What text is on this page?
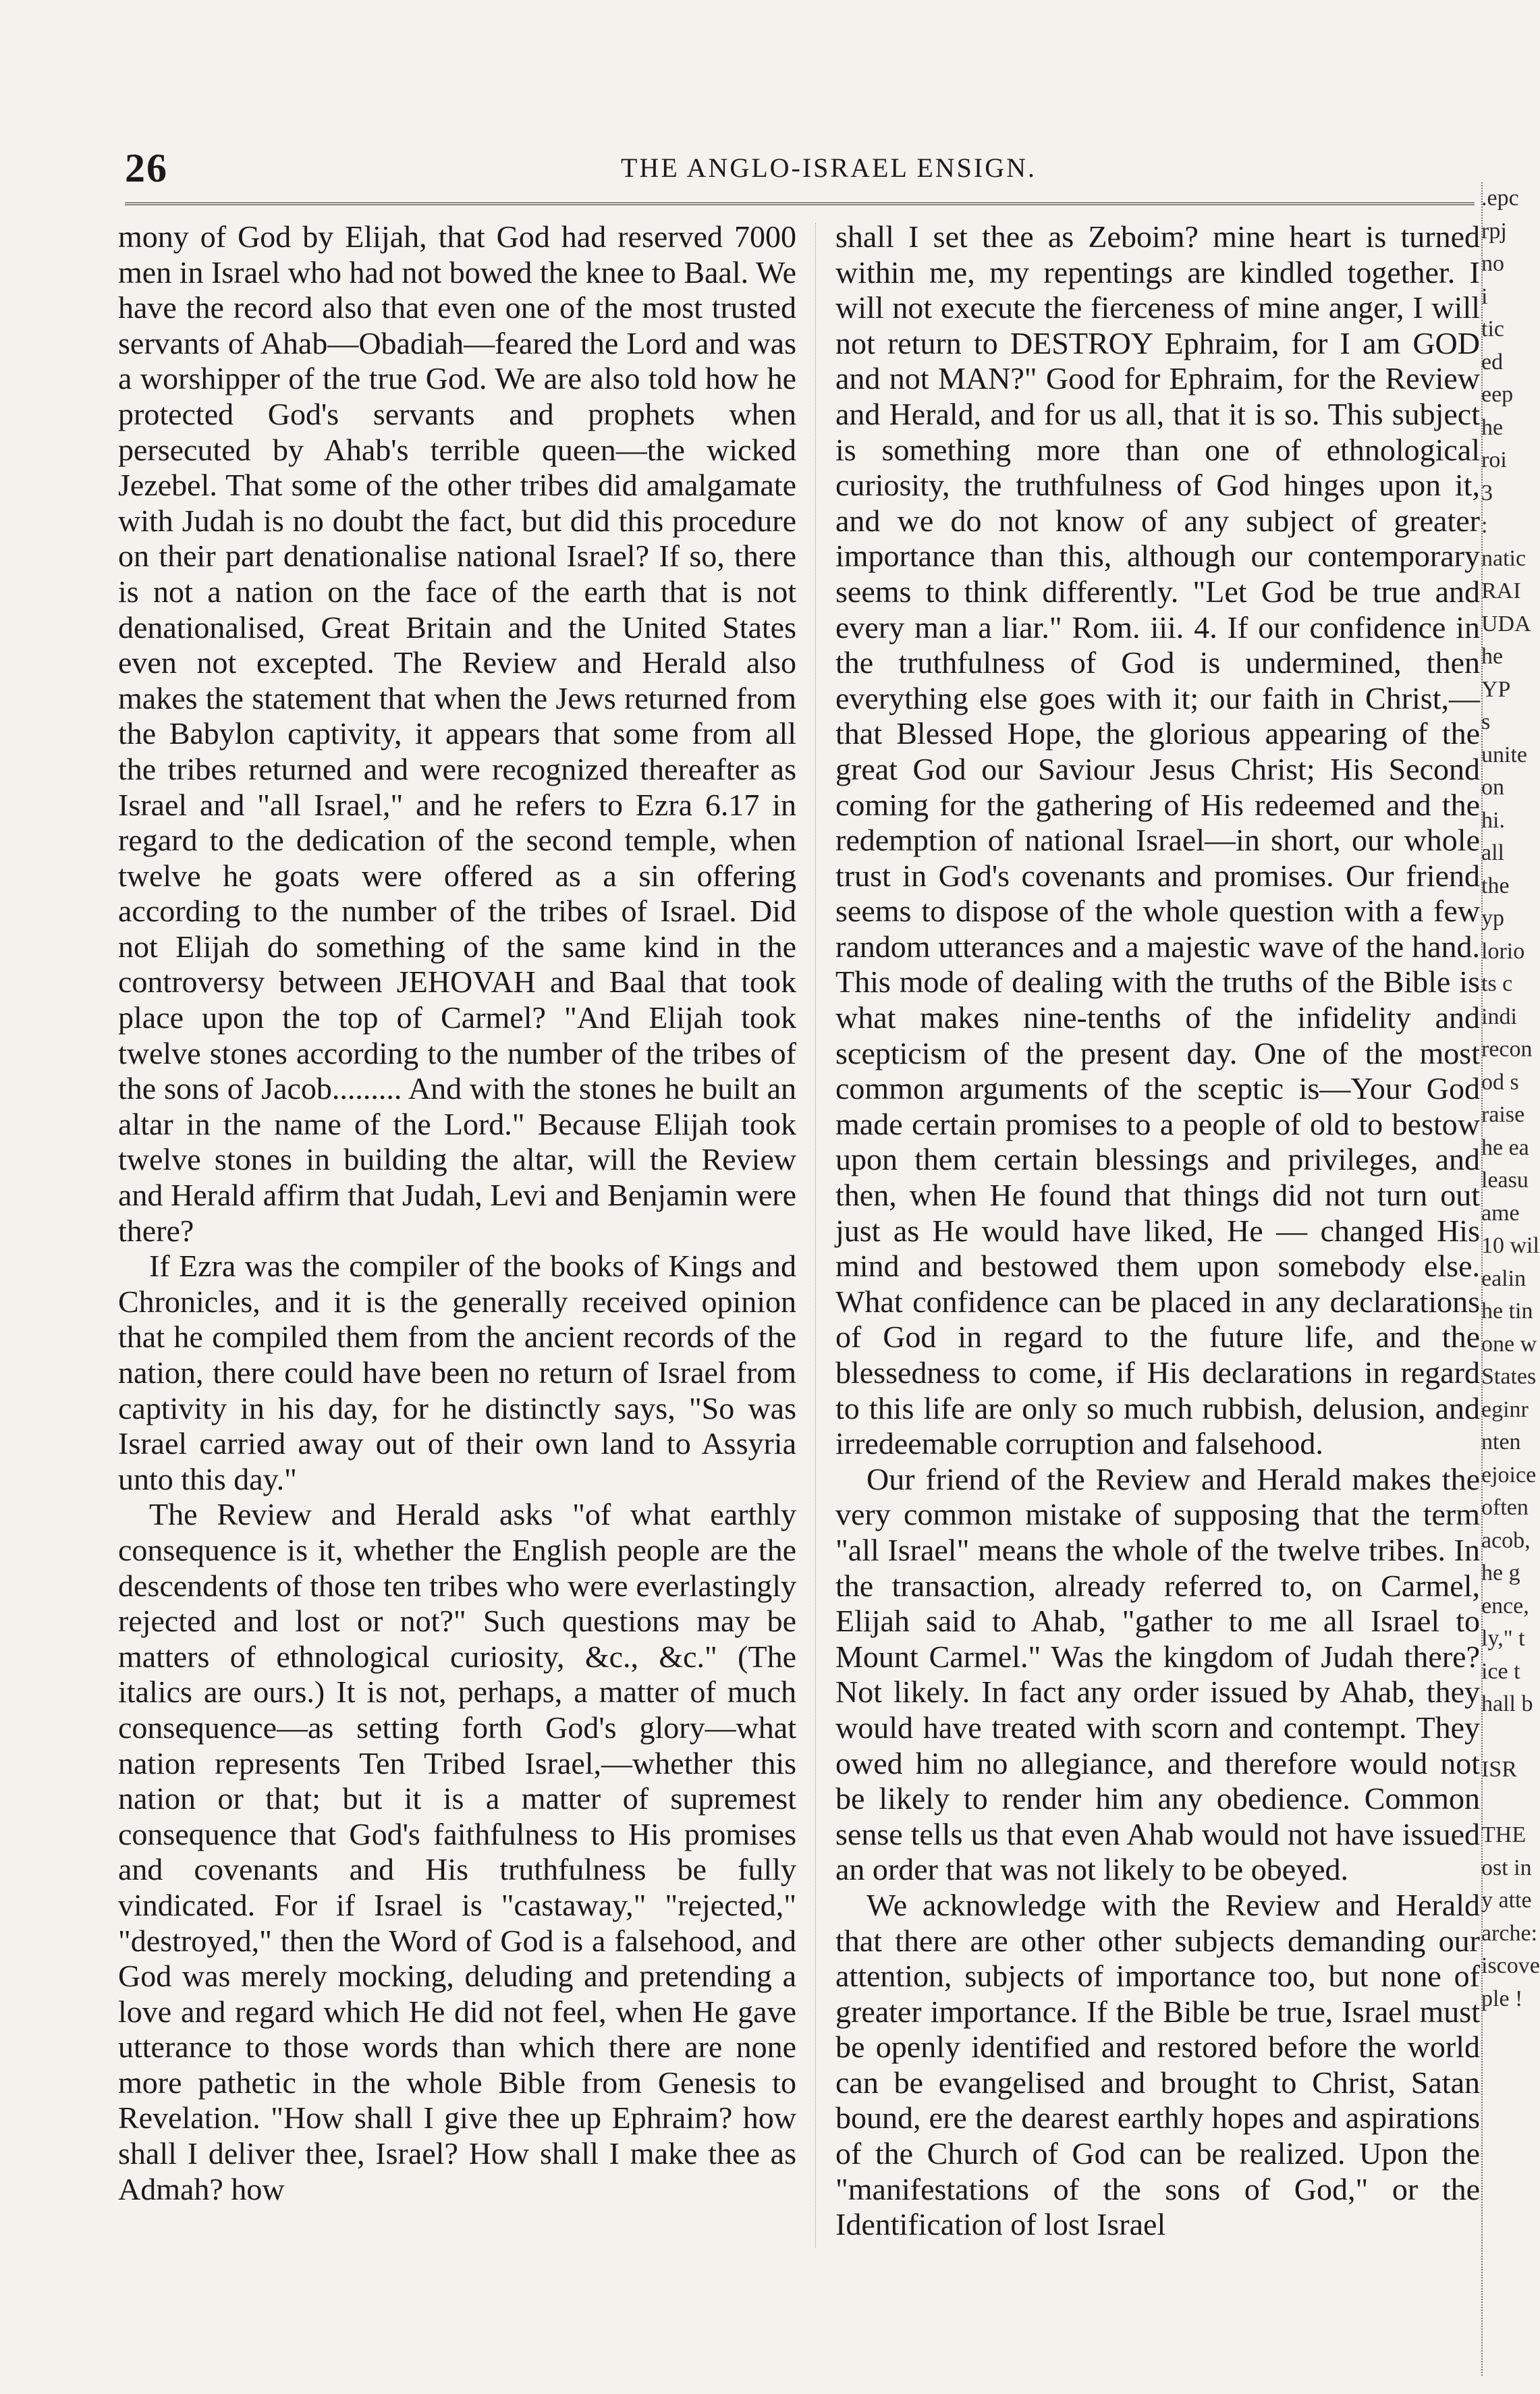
26	THE ANGLO-ISRAEL ENSIGN.

mony of God by Elijah, that God had reserved 7000 men in Israel who had not bowed the knee to Baal. We have the record also that even one of the most trusted servants of Ahab—Obadiah—feared the Lord and was a worshipper of the true God. We are also told how he protected God's servants and prophets when persecuted by Ahab's terrible queen—the wicked Jezebel. That some of the other tribes did amalgamate with Judah is no doubt the fact, but did this procedure on their part denationalise national Israel? If so, there is not a nation on the face of the earth that is not denationalised, Great Britain and the United States even not excepted. The Review and Herald also makes the statement that when the Jews returned from the Babylon captivity, it appears that some from all the tribes returned and were recognized thereafter as Israel and "all Israel," and he refers to Ezra 6.17 in regard to the dedication of the second temple, when twelve he goats were offered as a sin offering according to the number of the tribes of Israel. Did not Elijah do something of the same kind in the controversy between JEHOVAH and Baal that took place upon the top of Carmel? "And Elijah took twelve stones according to the number of the tribes of the sons of Jacob......... And with the stones he built an altar in the name of the Lord." Because Elijah took twelve stones in building the altar, will the Review and Herald affirm that Judah, Levi and Benjamin were there?

If Ezra was the compiler of the books of Kings and Chronicles, and it is the generally received opinion that he compiled them from the ancient records of the nation, there could have been no return of Israel from captivity in his day, for he distinctly says, "So was Israel carried away out of their own land to Assyria unto this day."

The Review and Herald asks "of what earthly consequence is it, whether the English people are the descendents of those ten tribes who were everlastingly rejected and lost or not?" Such questions may be matters of ethnological curiosity, &c., &c." (The italics are ours.) It is not, perhaps, a matter of much consequence—as setting forth God's glory—what nation represents Ten Tribed Israel,—whether this nation or that; but it is a matter of supremest consequence that God's faithfulness to His promises and covenants and His truthfulness be fully vindicated. For if Israel is "castaway," "rejected," "destroyed," then the Word of God is a falsehood, and God was merely mocking, deluding and pretending a love and regard which He did not feel, when He gave utterance to those words than which there are none more pathetic in the whole Bible from Genesis to Revelation. "How shall I give thee up Ephraim? how shall I deliver thee, Israel? How shall I make thee as Admah? how

shall I set thee as Zeboim? mine heart is turned within me, my repentings are kindled together. I will not execute the fierceness of mine anger, I will not return to DESTROY Ephraim, for I am GOD and not MAN?" Good for Ephraim, for the Review and Herald, and for us all, that it is so. This subject is something more than one of ethnological curiosity, the truthfulness of God hinges upon it, and we do not know of any subject of greater importance than this, although our contemporary seems to think differently. "Let God be true and every man a liar." Rom. iii. 4. If our confidence in the truthfulness of God is undermined, then everything else goes with it; our faith in Christ,—that Blessed Hope, the glorious appearing of the great God our Saviour Jesus Christ; His Second coming for the gathering of His redeemed and the redemption of national Israel—in short, our whole trust in God's covenants and promises. Our friend seems to dispose of the whole question with a few random utterances and a majestic wave of the hand. This mode of dealing with the truths of the Bible is what makes nine-tenths of the infidelity and scepticism of the present day. One of the most common arguments of the sceptic is—Your God made certain promises to a people of old to bestow upon them certain blessings and privileges, and then, when He found that things did not turn out just as He would have liked, He — changed His mind and bestowed them upon somebody else. What confidence can be placed in any declarations of God in regard to the future life, and the blessedness to come, if His declarations in regard to this life are only so much rubbish, delusion, and irredeemable corruption and falsehood.

Our friend of the Review and Herald makes the very common mistake of supposing that the term "all Israel" means the whole of the twelve tribes. In the transaction, already referred to, on Carmel, Elijah said to Ahab, "gather to me all Israel to Mount Carmel." Was the kingdom of Judah there? Not likely. In fact any order issued by Ahab, they would have treated with scorn and contempt. They owed him no allegiance, and therefore would not be likely to render him any obedience. Common sense tells us that even Ahab would not have issued an order that was not likely to be obeyed.

We acknowledge with the Review and Herald that there are other other subjects demanding our attention, subjects of importance too, but none of greater importance. If the Bible be true, Israel must be openly identified and restored before the world can be evangelised and brought to Christ, Satan bound, ere the dearest earthly hopes and aspirations of the Church of God can be realized. Upon the "manifestations of the sons of God," or the Identification of lost Israel

.epc
rpj
no
i
tic
ed
eep
he
roi
3
:
natic
RAI
UDA
he
YP
s
unite
on
hi.
all
the
yp
lorio
ts c
indi
recon
od s
raise
he ea
leasu
ame
10 wil
ealin
he tin
one w
States
eginr
nten
ejoice
often
acob,
he g
ence,
ly," t
ice t
hall b
ISR
THE
ost in
y atte
arche:
iscove
ple !
